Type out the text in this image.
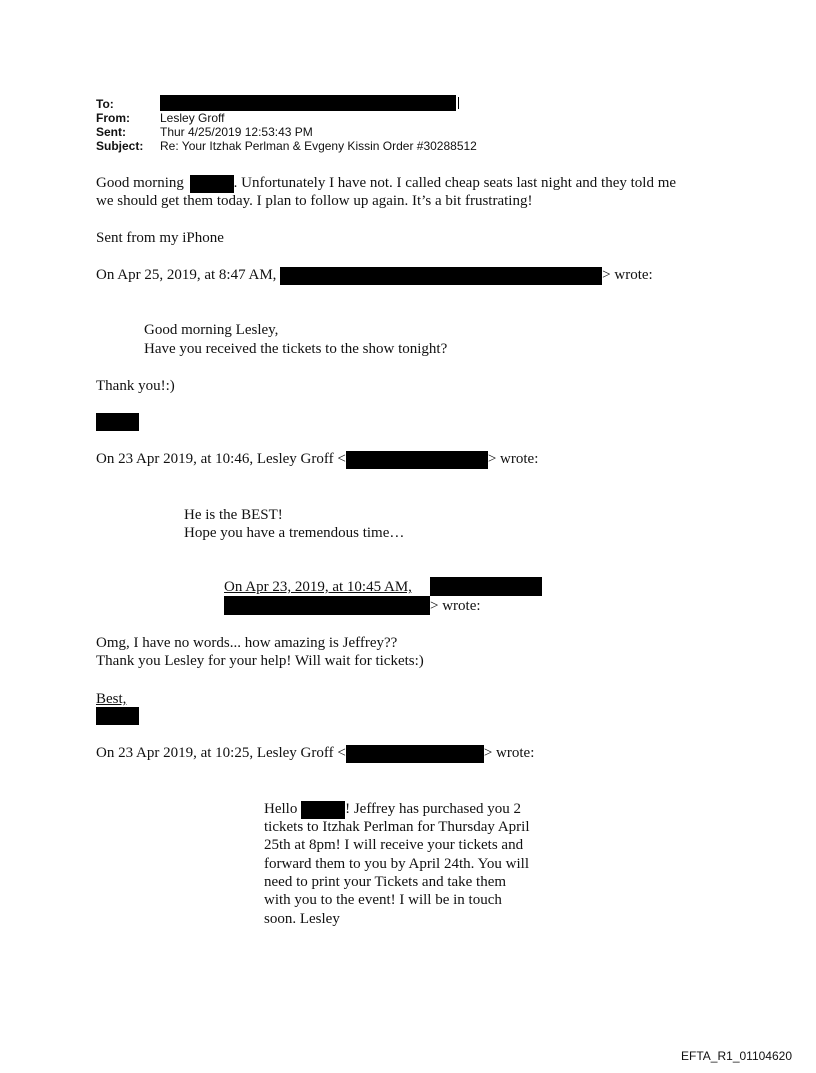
To:
From:	Lesley Groff
Sent:	Thur 4/25/2019 12:53:43 PM
Subject:	Re: Your Itzhak Perlman & Evgeny Kissin Order #30288512
Good morning	. Unfortunately I have not. I called cheap seats last night and they told me
we should get them today. I plan to follow up again. It’s a bit frustrating!
Sent from my iPhone
On Apr 25, 2019, at 8:47 AM,	> wrote:
Good morning Lesley,
Have you received the tickets to the show tonight?
Thank you!:)
On 23 Apr 2019, at 10:46, Lesley Groff <	> wrote:
He is the BEST!
Hope you have a tremendous time…
On Apr 23, 2019, at 10:45 AM,
> wrote:
Omg, I have no words... how amazing is Jeffrey??
Thank you Lesley for your help! Will wait for tickets:)
Best,
On 23 Apr 2019, at 10:25, Lesley Groff <	> wrote:
Hello	! Jeffrey has purchased you 2
tickets to Itzhak Perlman for Thursday April
25th at 8pm! I will receive your tickets and
forward them to you by April 24th. You will
need to print your Tickets and take them
with you to the event! I will be in touch
soon. Lesley
EFTA_R1_01104620
